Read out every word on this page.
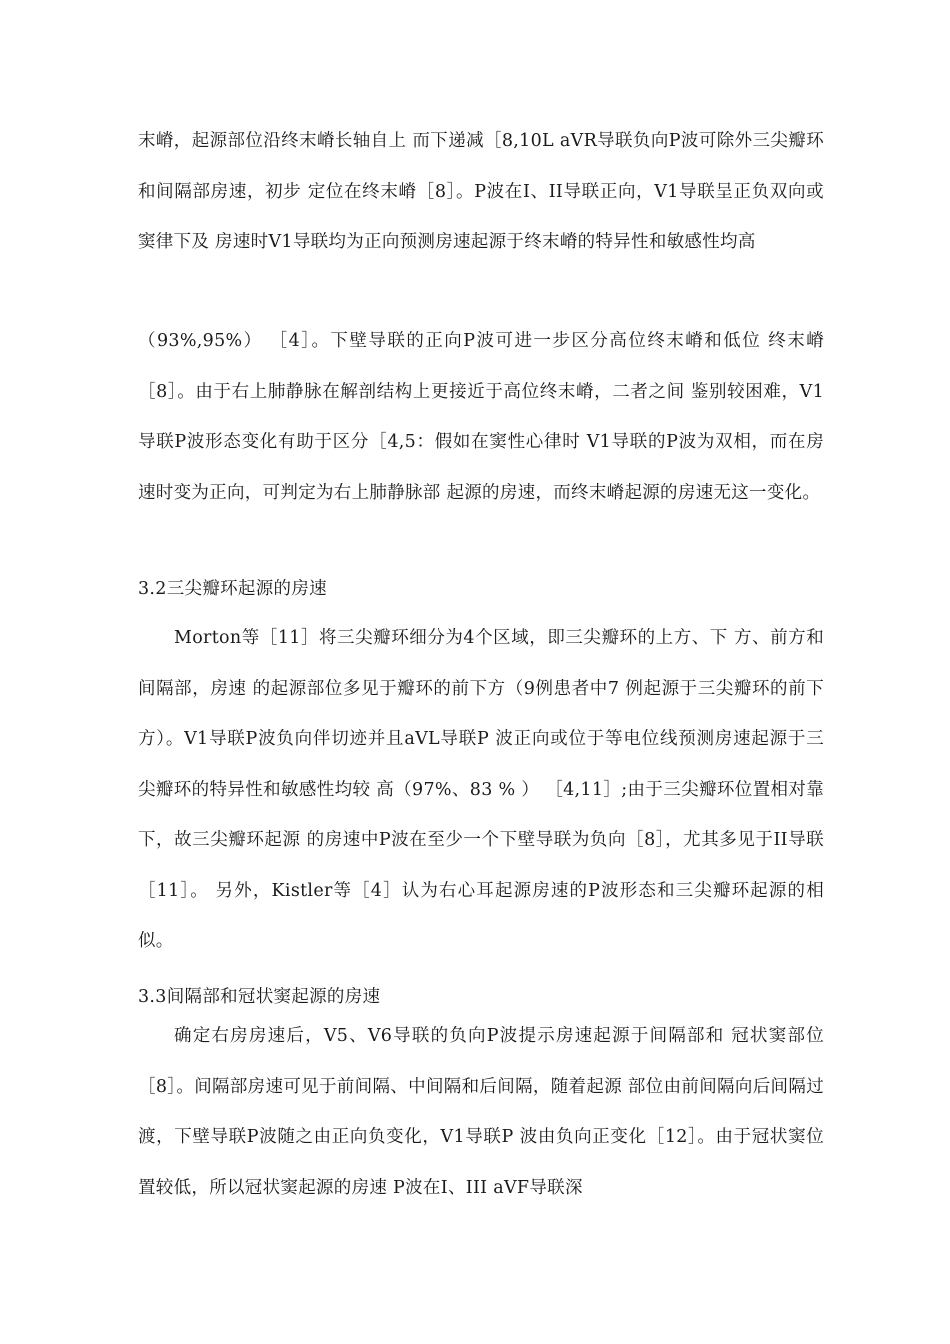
末嵴，起源部位沿终末嵴长轴自上 而下递减［8,10L aVR导联负向P波可除外三尖瓣环和间隔部房速，初步 定位在终末嵴［8］。P波在I、II导联正向，V1导联呈正负双向或窦律下及 房速时V1导联均为正向预测房速起源于终末嵴的特异性和敏感性均高
（93%,95%） ［4］。下壁导联的正向P波可进一步区分高位终末嵴和低位 终末嵴［8］。由于右上肺静脉在解剖结构上更接近于高位终末嵴，二者之间 鉴别较困难，V1导联P波形态变化有助于区分［4,5：假如在窦性心律时 V1导联的P波为双相，而在房速时变为正向，可判定为右上肺静脉部 起源的房速，而终末嵴起源的房速无这一变化。
3.2三尖瓣环起源的房速
Morton等［11］将三尖瓣环细分为4个区域，即三尖瓣环的上方、下 方、前方和间隔部，房速 的起源部位多见于瓣环的前下方（9例患者中7 例起源于三尖瓣环的前下方）。V1导联P波负向伴切迹并且aVL导联P 波正向或位于等电位线预测房速起源于三尖瓣环的特异性和敏感性均较 高（97%、83 % ） ［4,11］;由于三尖瓣环位置相对靠下，故三尖瓣环起源 的房速中P波在至少一个下壁导联为负向［8］，尤其多见于II导联［11］。 另外，Kistler等［4］认为右心耳起源房速的P波形态和三尖瓣环起源的相 似。
3.3间隔部和冠状窦起源的房速
确定右房房速后，V5、V6导联的负向P波提示房速起源于间隔部和 冠状窦部位［8］。间隔部房速可见于前间隔、中间隔和后间隔，随着起源 部位由前间隔向后间隔过渡，下壁导联P波随之由正向负变化，V1导联P 波由负向正变化［12］。由于冠状窦位置较低，所以冠状窦起源的房速 P波在I、III aVF导联深
